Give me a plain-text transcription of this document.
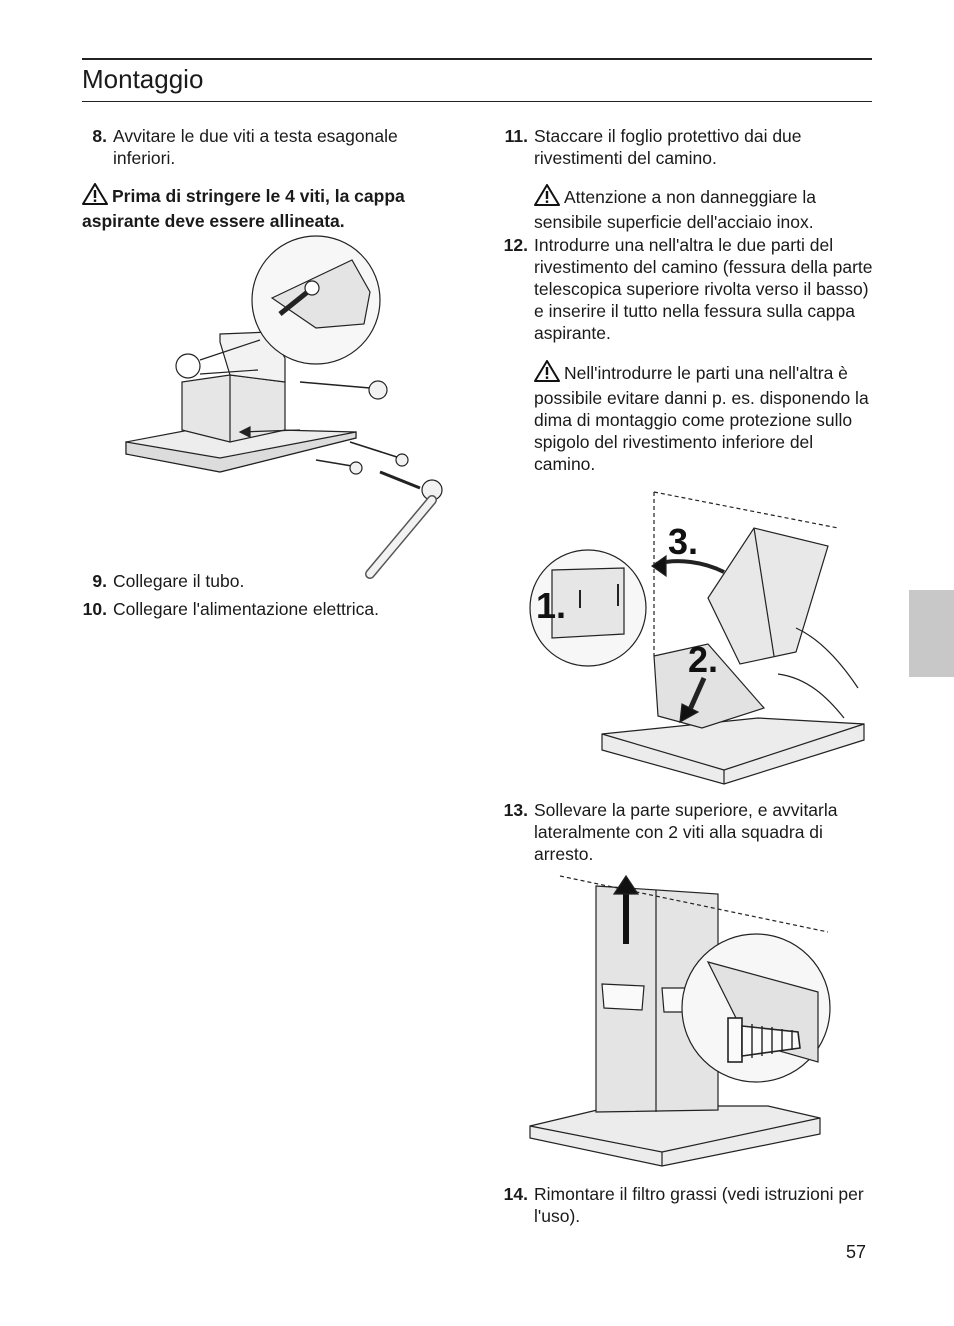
Montaggio
8. Avvitare le due viti a testa esagonale inferiori.
Prima di stringere le 4 viti, la cappa aspirante deve essere allineata.
9. Collegare il tubo.
10. Collegare l'alimentazione elettrica.
11. Staccare il foglio protettivo dai due rivestimenti del camino.
Attenzione a non danneggiare la sensibile superficie dell'acciaio inox.
12. Introdurre una nell'altra le due parti del rivestimento del camino (fessura della parte telescopica superiore rivolta verso il basso) e inserire il tutto nella fessura sulla cappa aspirante.
Nell'introdurre le parti una nell'altra è possibile evitare danni p. es. disponendo la dima di montaggio come protezione sullo spigolo del rivestimento inferiore del camino.
1.
2.
3.
13. Sollevare la parte superiore, e avvitarla lateralmente con 2 viti alla squadra di arresto.
14. Rimontare il filtro grassi (vedi istruzioni per l'uso).
57
